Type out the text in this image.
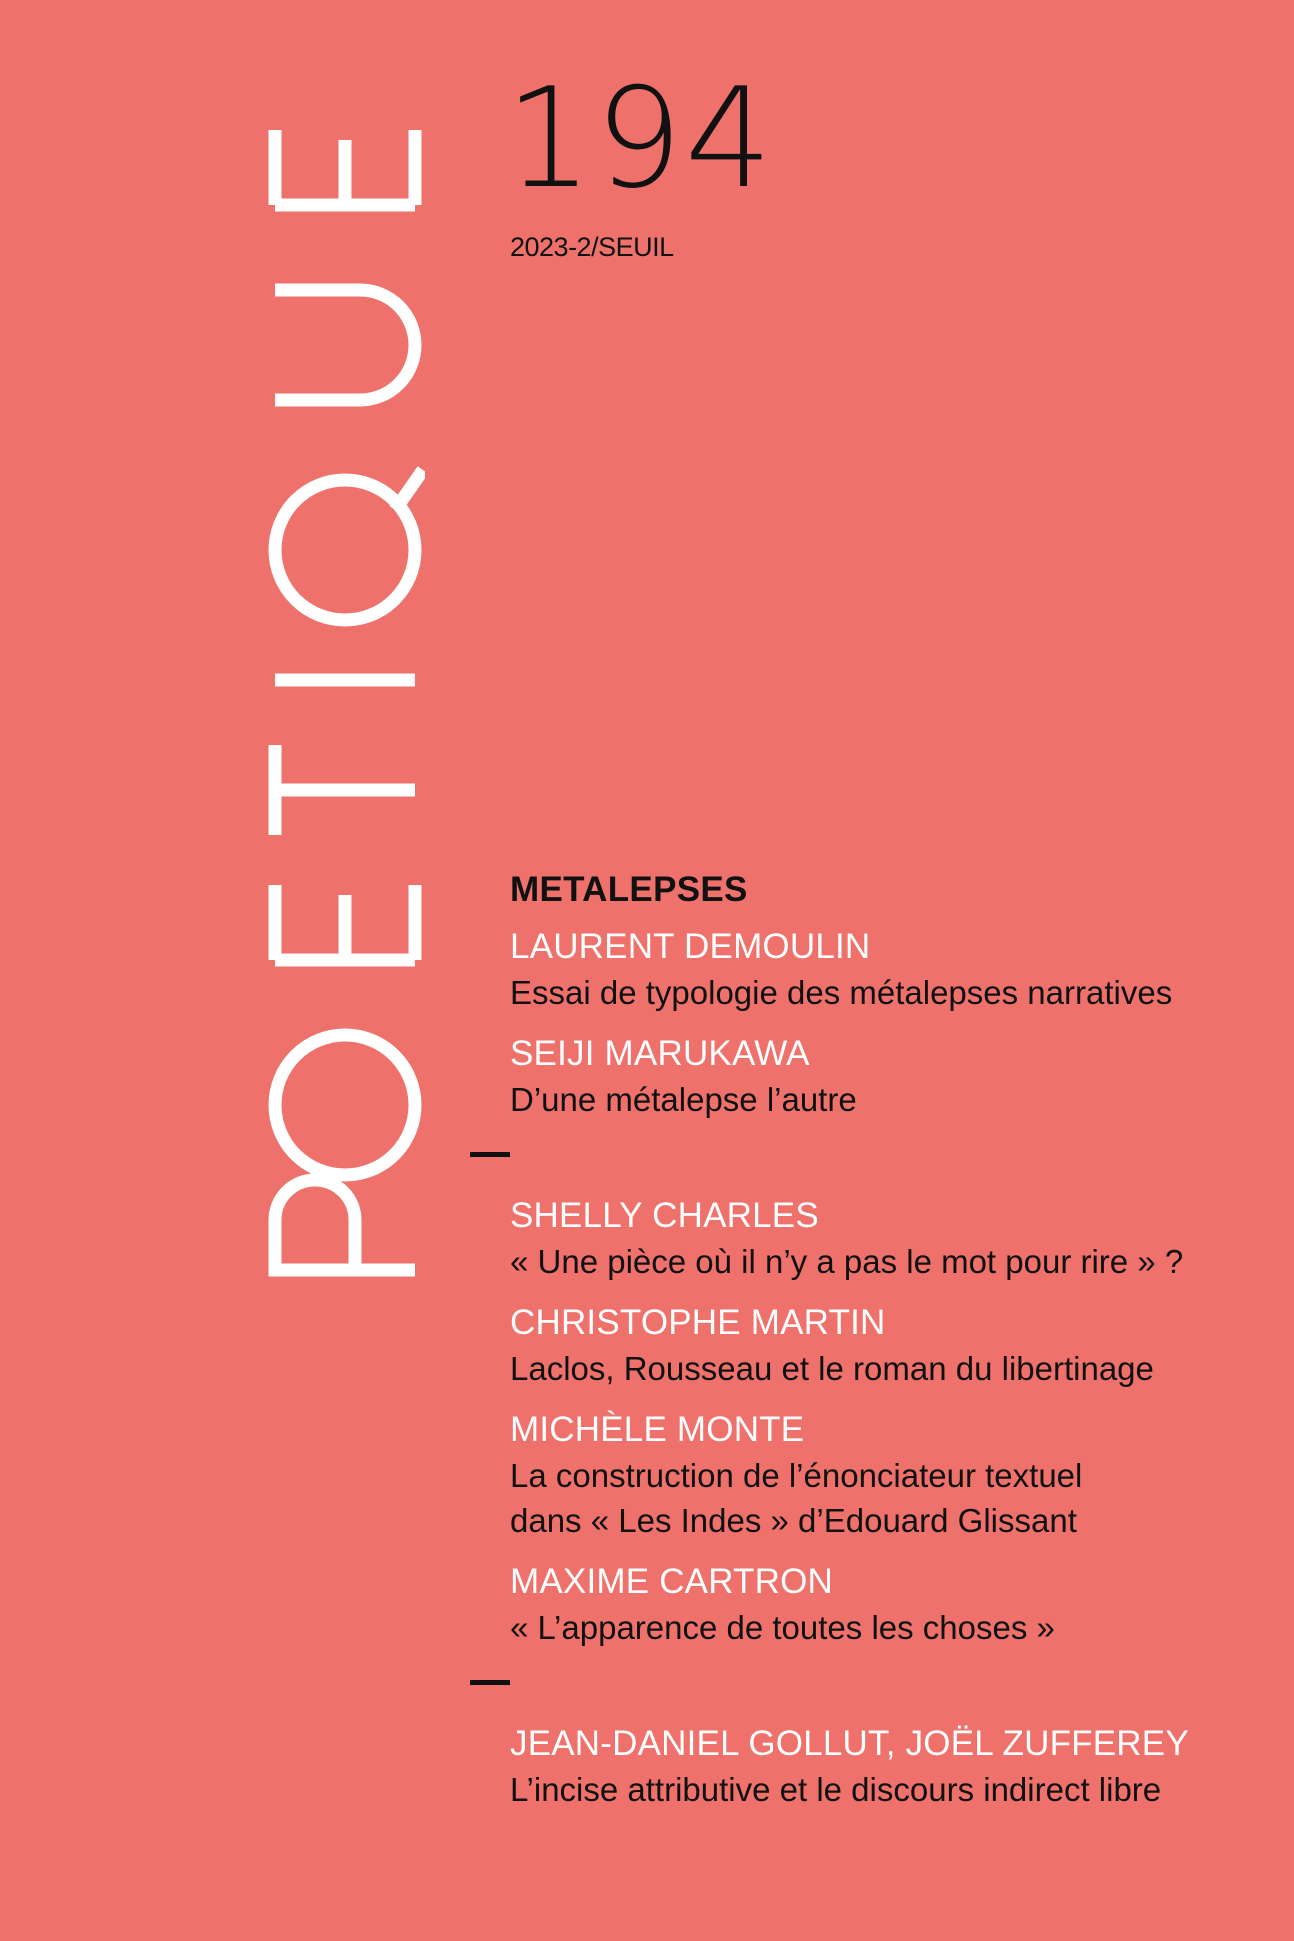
194
2023-2/SEUIL
METALEPSES
LAURENT DEMOULIN
Essai de typologie des métalepses narratives
SEIJI MARUKAWA
D’une métalepse l’autre
SHELLY CHARLES
« Une pièce où il n’y a pas le mot pour rire » ?
CHRISTOPHE MARTIN
Laclos, Rousseau et le roman du libertinage
MICHÈLE MONTE
La construction de l’énonciateur textuel
dans « Les Indes » d’Edouard Glissant
MAXIME CARTRON
« L’apparence de toutes les choses »
JEAN-DANIEL GOLLUT, JOËL ZUFFEREY
L’incise attributive et le discours indirect libre
